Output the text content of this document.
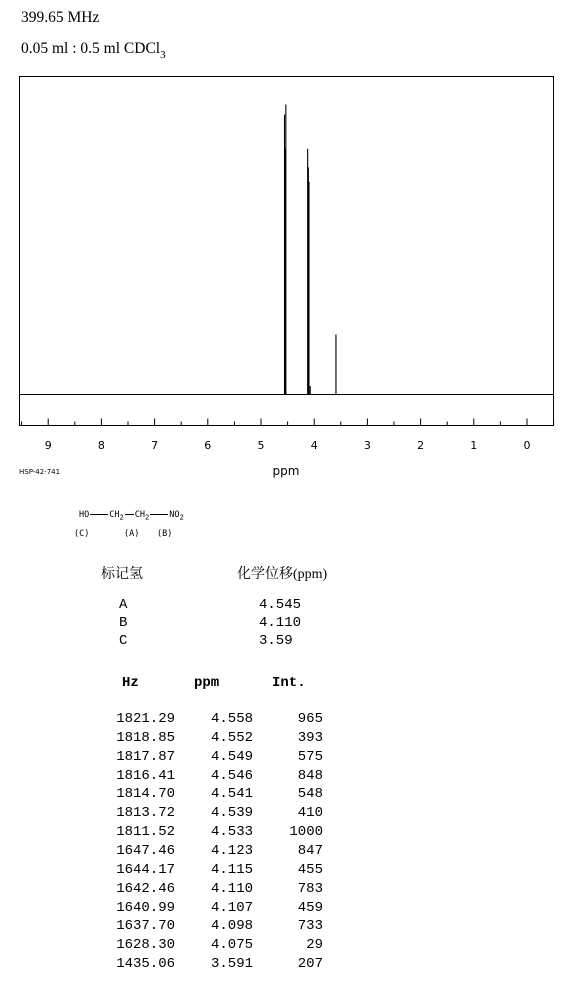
399.65 MHz
0.05 ml : 0.5 ml CDCl$_3$
9	8	7	6	5	4	3	2	1	0
ppm
HSP-42-741
HO $CH_2$ $CH_2$ $NO_2$
(C)	(A) (B)
标记氢	化学位移(ppm)
A	4.545
B	4.110
C	3.59
Hz	ppm	Int.
1821.29	4.558	965
1818.85	4.552	393
1817.87	4.549	575
1816.41	4.546	848
1814.70	4.541	548
1813.72	4.539	410
1811.52	4.533	1000
1647.46	4.123	847
1644.17	4.115	455
1642.46	4.110	783
1640.99	4.107	459
1637.70	4.098	733
1628.30	4.075	29
1435.06	3.591	207
